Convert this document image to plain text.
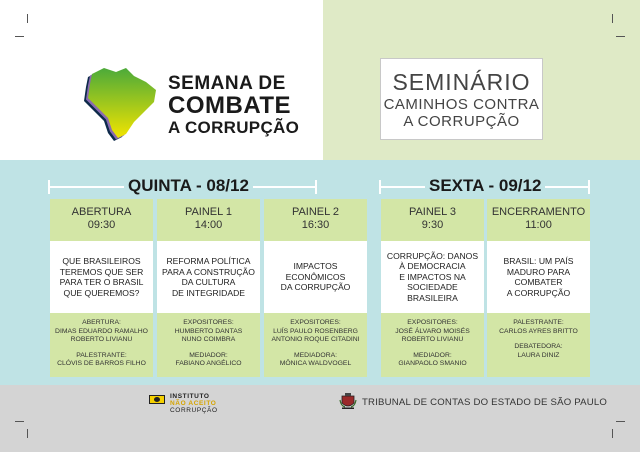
SEMANA DE
COMBATE
A CORRUPÇÃO
SEMINÁRIO
CAMINHOS CONTRA
A CORRUPÇÃO
QUINTA - 08/12	SEXTA - 09/12
ABERTURA
09:30
QUE BRASILEIROS
TEREMOS QUE SER
PARA TER O BRASIL
QUE QUEREMOS?
ABERTURA:
DIMAS EDUARDO RAMALHO
ROBERTO LIVIANU
PALESTRANTE:
CLÓVIS DE BARROS FILHO
PAINEL 1
14:00
REFORMA POLÍTICA
PARA A CONSTRUÇÃO
DA CULTURA
DE INTEGRIDADE
EXPOSITORES:
HUMBERTO DANTAS
NUNO COIMBRA
MEDIADOR:
FABIANO ANGÉLICO
PAINEL 2
16:30
IMPACTOS
ECONÔMICOS
DA CORRUPÇÃO
EXPOSITORES:
LUÍS PAULO ROSENBERG
ANTONIO ROQUE CITADINI
MEDIADORA:
MÔNICA WALDVOGEL
PAINEL 3
9:30
CORRUPÇÃO: DANOS
À DEMOCRACIA
E IMPACTOS NA
SOCIEDADE
BRASILEIRA
EXPOSITORES:
JOSÉ ÁLVARO MOISÉS
ROBERTO LIVIANU
MEDIADOR:
GIANPAOLO SMANIO
ENCERRAMENTO
11:00
BRASIL: UM PAÍS
MADURO PARA
COMBATER
A CORRUPÇÃO
PALESTRANTE:
CARLOS AYRES BRITTO
DEBATEDORA:
LAURA DINIZ
INSTITUTO
NÃO ACEITO
CORRUPÇÃO
TRIBUNAL DE CONTAS DO ESTADO DE SÃO PAULO
